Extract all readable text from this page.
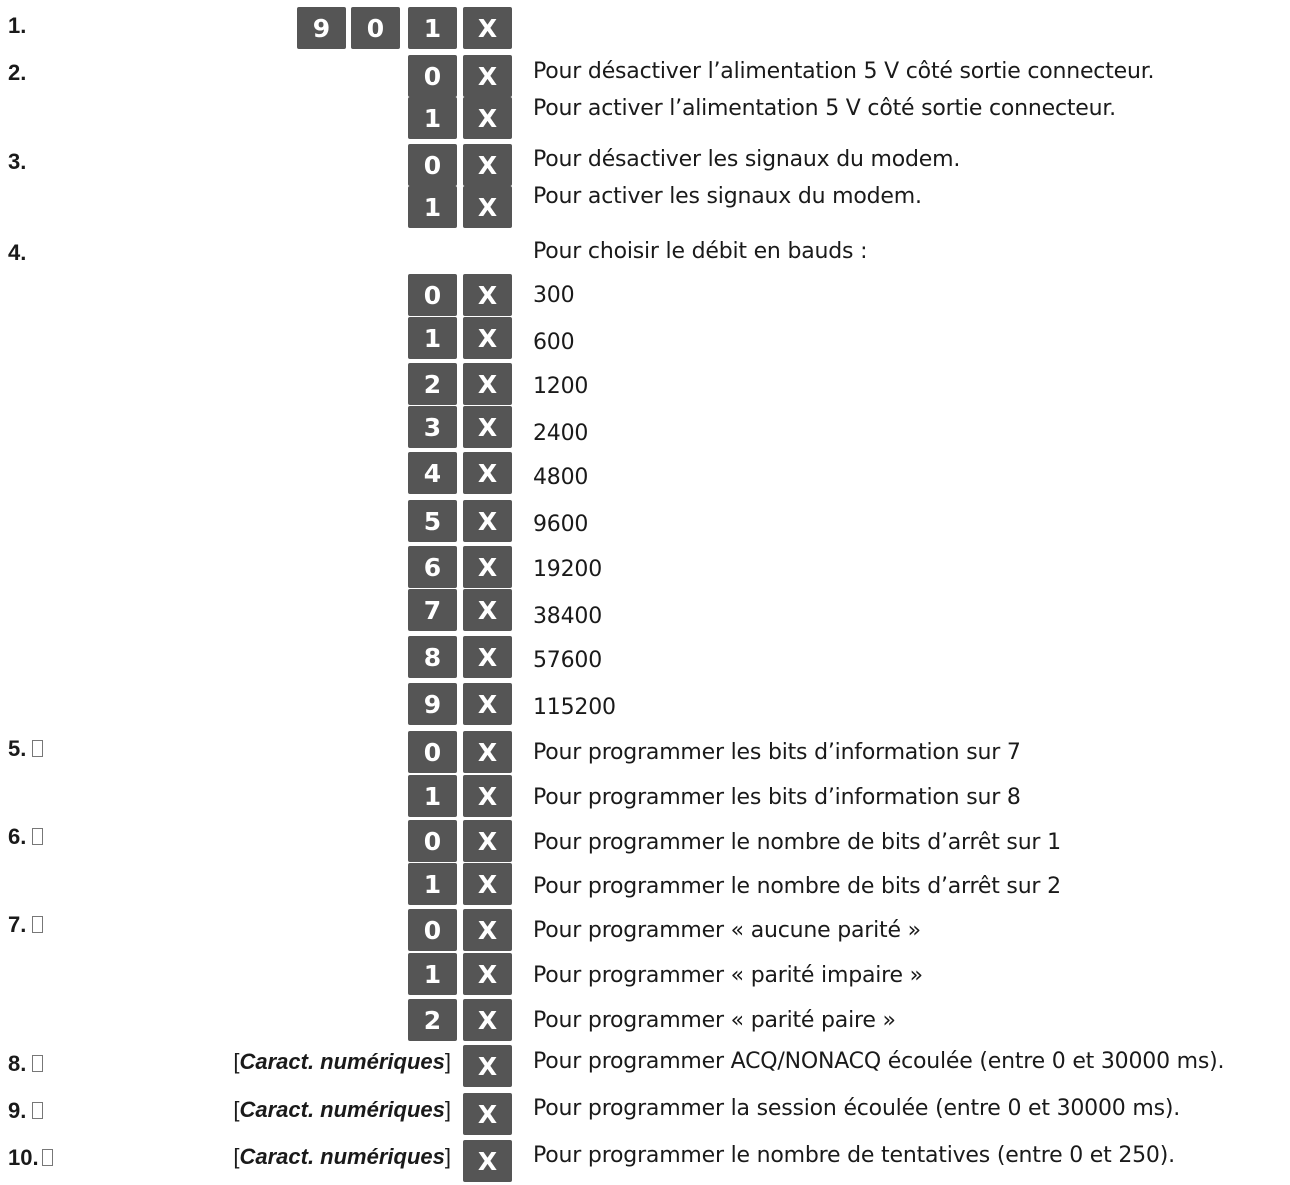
1.	9	0	1	X
2.	0	X	Pour désactiver l’alimentation 5 V côté sortie connecteur.
1	X	Pour activer l’alimentation 5 V côté sortie connecteur.
3.	0	X	Pour désactiver les signaux du modem.
1	X	Pour activer les signaux du modem.
4.	Pour choisir le débit en bauds :
0	X	300
1	X	600
2	X	1200
3	X	2400
4	X	4800
5	X	9600
6	X	19200
7	X	38400
8	X	57600
9	X	115200
5.	0	X	Pour programmer les bits d’information sur 7
1	X	Pour programmer les bits d’information sur 8
6.	0	X	Pour programmer le nombre de bits d’arrêt sur 1
1	X	Pour programmer le nombre de bits d’arrêt sur 2
7.	0	X	Pour programmer « aucune parité »
1	X	Pour programmer « parité impaire »
2	X	Pour programmer « parité paire »
8.	[Caract. numériques]	X	Pour programmer ACQ/NONACQ écoulée (entre 0 et 30000 ms).
9.	[Caract. numériques]	X	Pour programmer la session écoulée (entre 0 et 30000 ms).
10.	[Caract. numériques]	X	Pour programmer le nombre de tentatives (entre 0 et 250).
